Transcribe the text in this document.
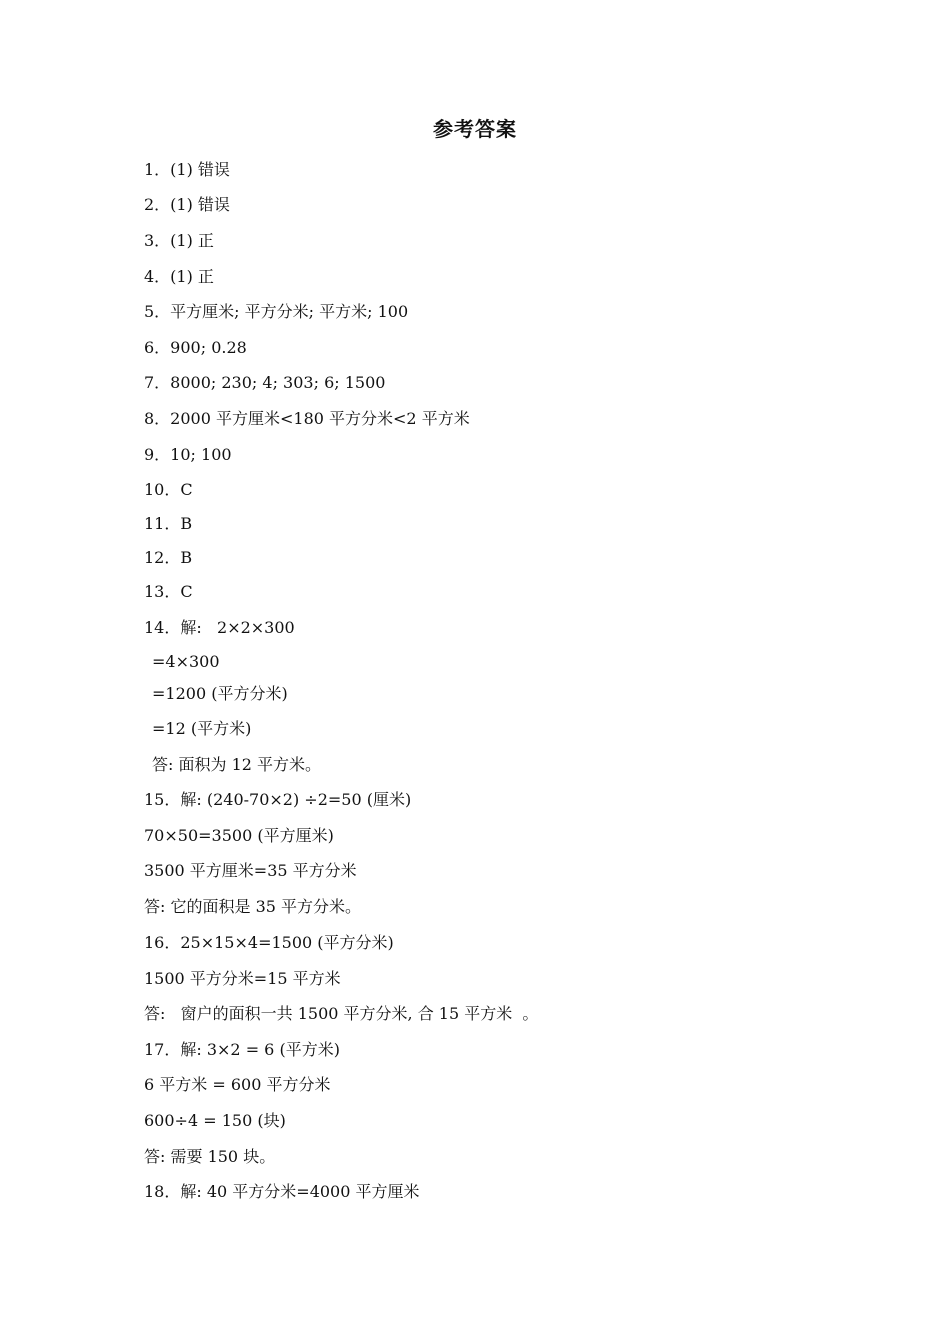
参考答案
1．(1) 错误
2．(1) 错误
3．(1) 正
4．(1) 正
5．平方厘米; 平方分米; 平方米; 100
6．900; 0.28
7．8000; 230; 4; 303; 6; 1500
8．2000 平方厘米<180 平方分米<2 平方米
9．10; 100
10．C
11．B
12．B
13．C
14．解:   2×2×300
=4×300
=1200 (平方分米)
=12 (平方米)
答: 面积为 12 平方米。
15．解: (240-70×2) ÷2=50 (厘米)
70×50=3500 (平方厘米)
3500 平方厘米=35 平方分米
答: 它的面积是 35 平方分米。
16．25×15×4=1500 (平方分米)
1500 平方分米=15 平方米
答:   窗户的面积一共 1500 平方分米, 合 15 平方米  。
17．解: 3×2 = 6 (平方米)
6 平方米 = 600 平方分米
600÷4 = 150 (块)
答: 需要 150 块。
18．解: 40 平方分米=4000 平方厘米
